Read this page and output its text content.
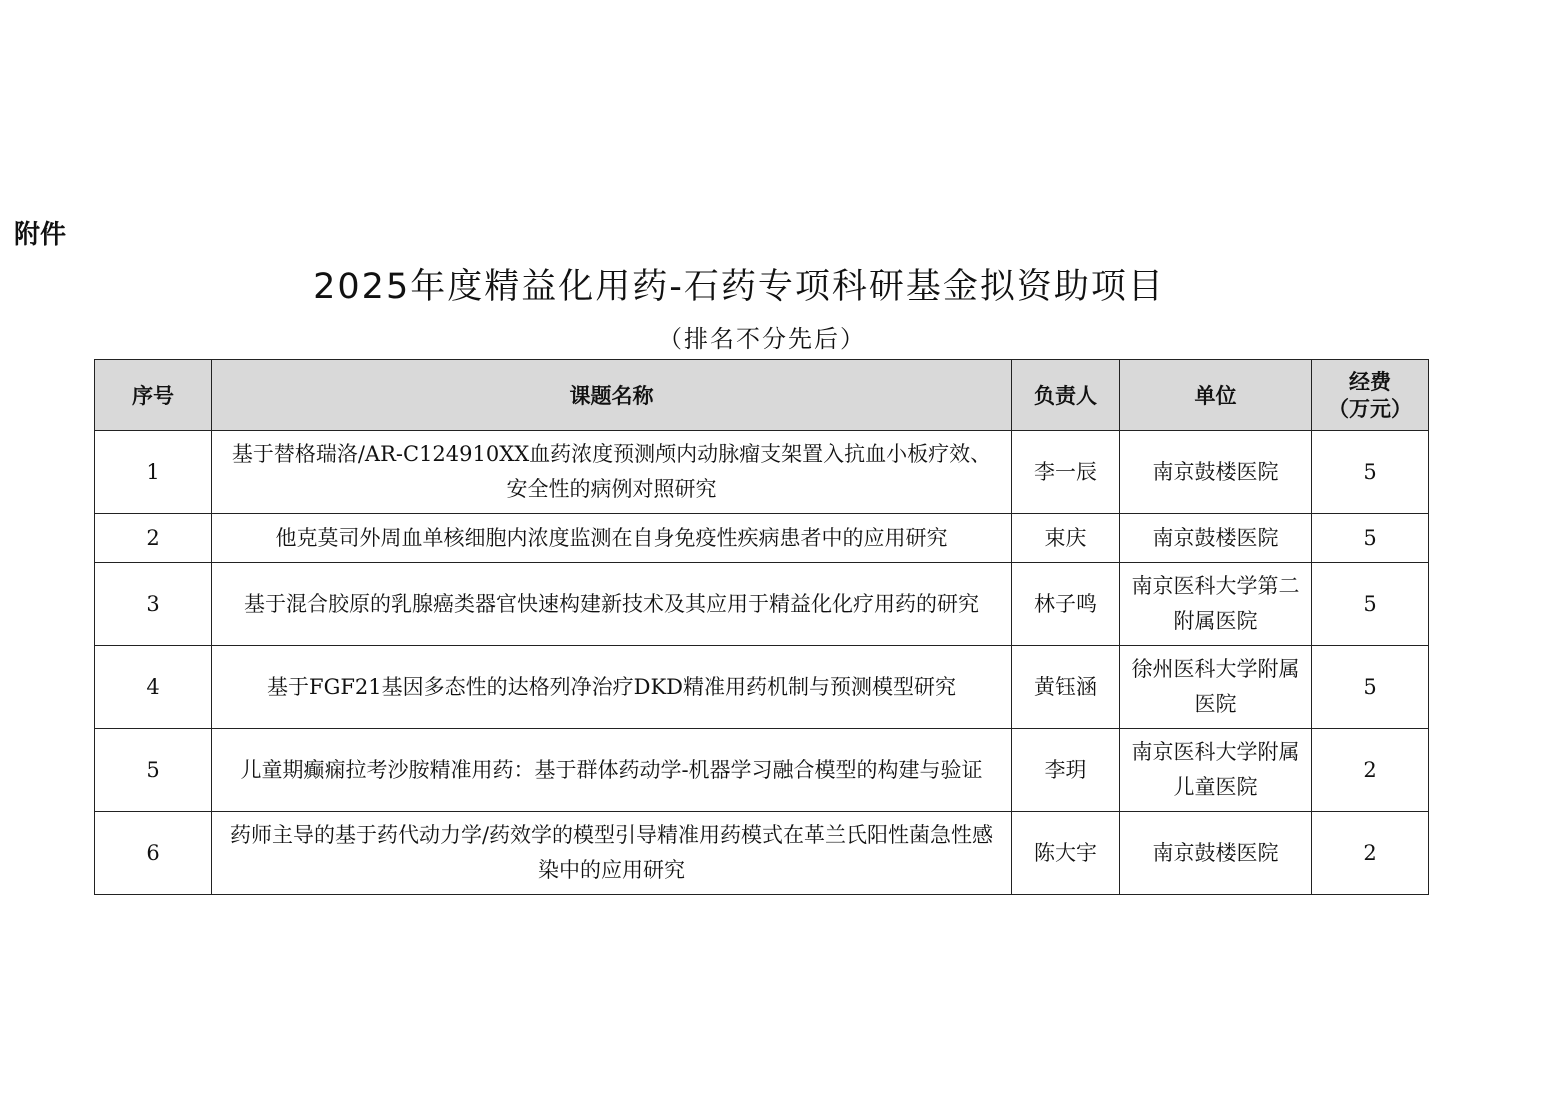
附件
2025年度精益化用药-石药专项科研基金拟资助项目
（排名不分先后）
序号	课题名称	负责人	单位	经费
（万元）

1	基于替格瑞洛/AR-C124910XX血药浓度预测颅内动脉瘤支架置入抗血小板疗效、安全性的病例对照研究	李一辰	南京鼓楼医院	5
2	他克莫司外周血单核细胞内浓度监测在自身免疫性疾病患者中的应用研究	束庆	南京鼓楼医院	5
3	基于混合胶原的乳腺癌类器官快速构建新技术及其应用于精益化化疗用药的研究	林子鸣	南京医科大学第二附属医院	5
4	基于FGF21基因多态性的达格列净治疗DKD精准用药机制与预测模型研究	黄钰涵	徐州医科大学附属医院	5
5	儿童期癫痫拉考沙胺精准用药：基于群体药动学-机器学习融合模型的构建与验证	李玥	南京医科大学附属儿童医院	2
6	药师主导的基于药代动力学/药效学的模型引导精准用药模式在革兰氏阳性菌急性感染中的应用研究	陈大宇	南京鼓楼医院	2
